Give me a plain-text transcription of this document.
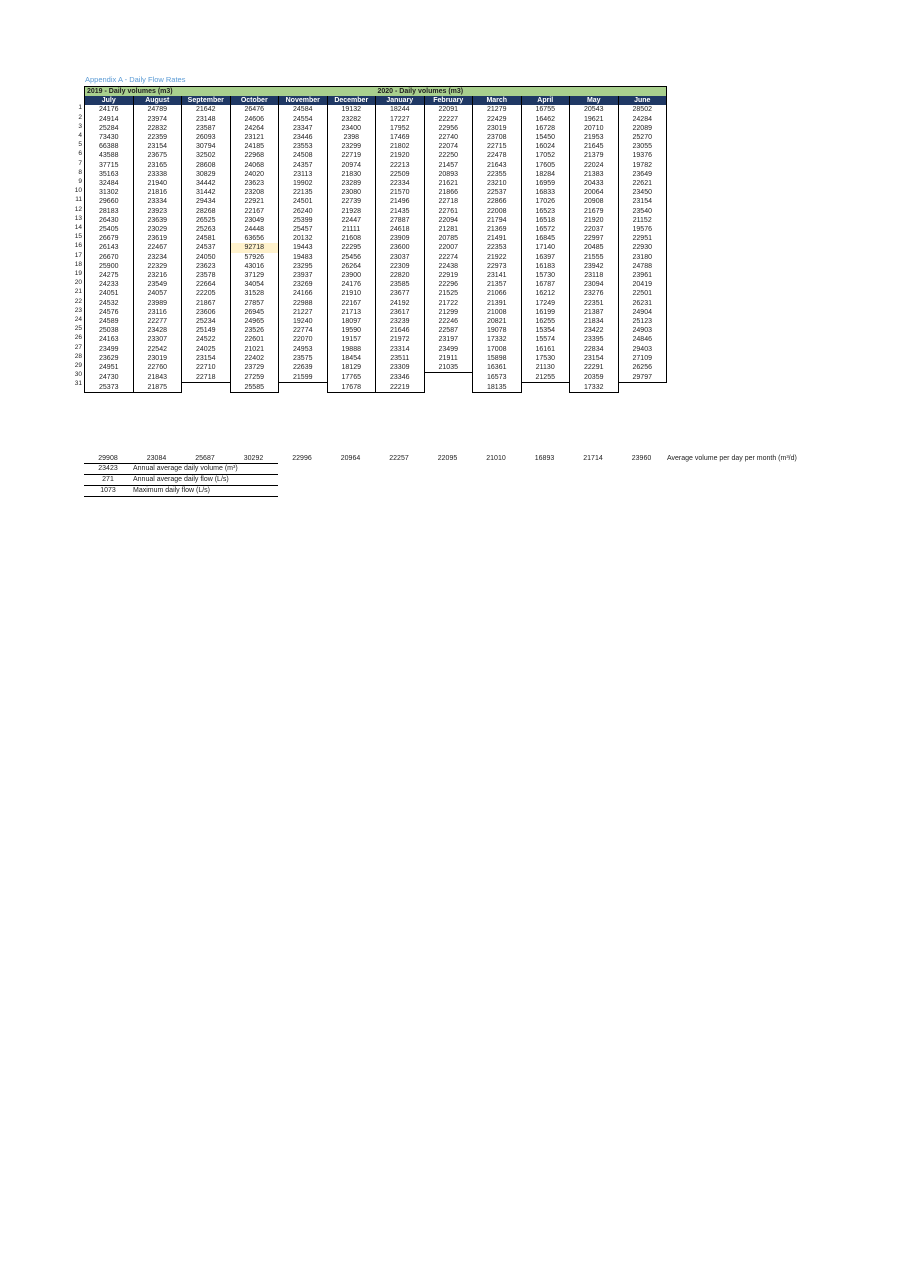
Appendix A - Daily Flow Rates
2019 - Daily volumes (m3)						2020 - Daily volumes (m3)					
July	August	September	October	November	December	January	February	March	April	May	June
24176	24789	21642	26476	24584	19132	18244	22091	21279	16755	20543	28502
24914	23974	23148	24606	24554	23282	17227	22227	22429	16462	19621	24284
25284	22832	23587	24264	23347	23400	17952	22956	23019	16728	20710	22089
73430	22359	26093	23121	23446	2398	17469	22740	23708	15450	21953	25270
66388	23154	30794	24185	23553	23299	21802	22074	22715	16024	21645	23055
43588	23675	32502	22968	24508	22719	21920	22250	22478	17052	21379	19376
37715	23165	28608	24068	24357	20974	22213	21457	21643	17605	22024	19782
35163	23338	30829	24020	23113	21830	22509	20893	22355	18284	21383	23649
32484	21940	34442	23623	19902	23289	22334	21621	23210	16959	20433	22621
31302	21816	31442	23208	22135	23080	21570	21866	22537	16833	20064	23450
29660	23334	29434	22921	24501	22739	21496	22718	22866	17026	20908	23154
28183	23923	28268	22167	26240	21928	21435	22761	22008	16523	21679	23540
26430	23639	26525	23049	25399	22447	27887	22094	21794	16518	21920	21152
25405	23029	25263	24448	25457	21111	24618	21281	21369	16572	22037	19576
26679	23619	24581	63656	20132	21608	23909	20785	21491	16845	22997	22951
26143	22467	24537	92718	19443	22295	23600	22007	22353	17140	20485	22930
26670	23234	24050	57926	19483	25456	23037	22274	21922	16397	21555	23180
25900	22329	23623	43016	23295	26264	22309	22438	22973	16183	23942	24788
24275	23216	23578	37129	23937	23900	22820	22919	23141	15730	23118	23961
24233	23549	22664	34054	23269	24176	23585	22296	21357	16787	23094	20419
24051	24057	22205	31528	24166	21910	23677	21525	21066	16212	23276	22501
24532	23989	21867	27857	22988	22167	24192	21722	21391	17249	22351	26231
24576	23116	23606	26945	21227	21713	23617	21299	21008	16199	21387	24904
24589	22277	25234	24965	19240	18097	23239	22246	20821	16255	21834	25123
25038	23428	25149	23526	22774	19590	21646	22587	19078	15354	23422	24903
24163	23307	24522	22601	22070	19157	21972	23197	17332	15574	23395	24846
23499	22542	24025	21021	24953	19888	23314	23499	17008	16161	22834	29403
23629	23019	23154	22402	23575	18454	23511	21911	15898	17530	23154	27109
24951	22760	22710	23729	22639	18129	23309	21035	16361	21130	22291	26256
24730	21843	22718	27259	21599	17765	23346		16573	21255	20359	29797
25373	21875		25585		17678	22219		18135		17332	
1
2
3
4
5
6
7
8
9
10
11
12
13
14
15
16
17
18
19
20
21
22
23
24
25
26
27
28
29
30
31
29908	23084	25687	30292	22996	20964	22257	22095	21010	16893	21714	23960	Average volume per day per month (m³/d)
23423	Annual average daily volume (m³)
271	Annual average daily flow (L/s)
1073	Maximum daily flow (L/s)
